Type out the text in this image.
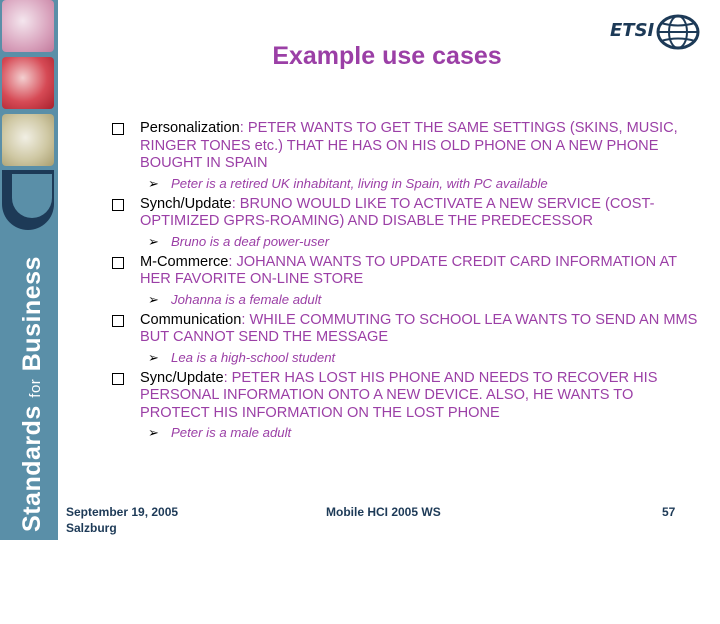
Standards for Business
ETSI
Example use cases
Personalization: PETER WANTS TO GET THE SAME SETTINGS (SKINS, MUSIC, RINGER TONES etc.) THAT HE HAS ON HIS OLD PHONE ON A NEW PHONE BOUGHT IN SPAIN
➢ Peter is a retired UK inhabitant, living in Spain, with PC available
Synch/Update: BRUNO WOULD LIKE TO ACTIVATE A NEW SERVICE (COST-OPTIMIZED GPRS-ROAMING) AND DISABLE THE PREDECESSOR
➢ Bruno is a deaf power-user
M-Commerce: JOHANNA WANTS TO UPDATE CREDIT CARD INFORMATION AT HER FAVORITE ON-LINE STORE
➢ Johanna is a female adult
Communication: WHILE COMMUTING TO SCHOOL LEA WANTS TO SEND AN MMS BUT CANNOT SEND THE MESSAGE
➢ Lea is a high-school student
Sync/Update: PETER HAS LOST HIS PHONE AND NEEDS TO RECOVER HIS PERSONAL INFORMATION ONTO A NEW DEVICE. ALSO, HE WANTS TO PROTECT HIS INFORMATION ON THE LOST PHONE
➢ Peter is a male adult
September 19, 2005
Salzburg
Mobile HCI 2005 WS	57
